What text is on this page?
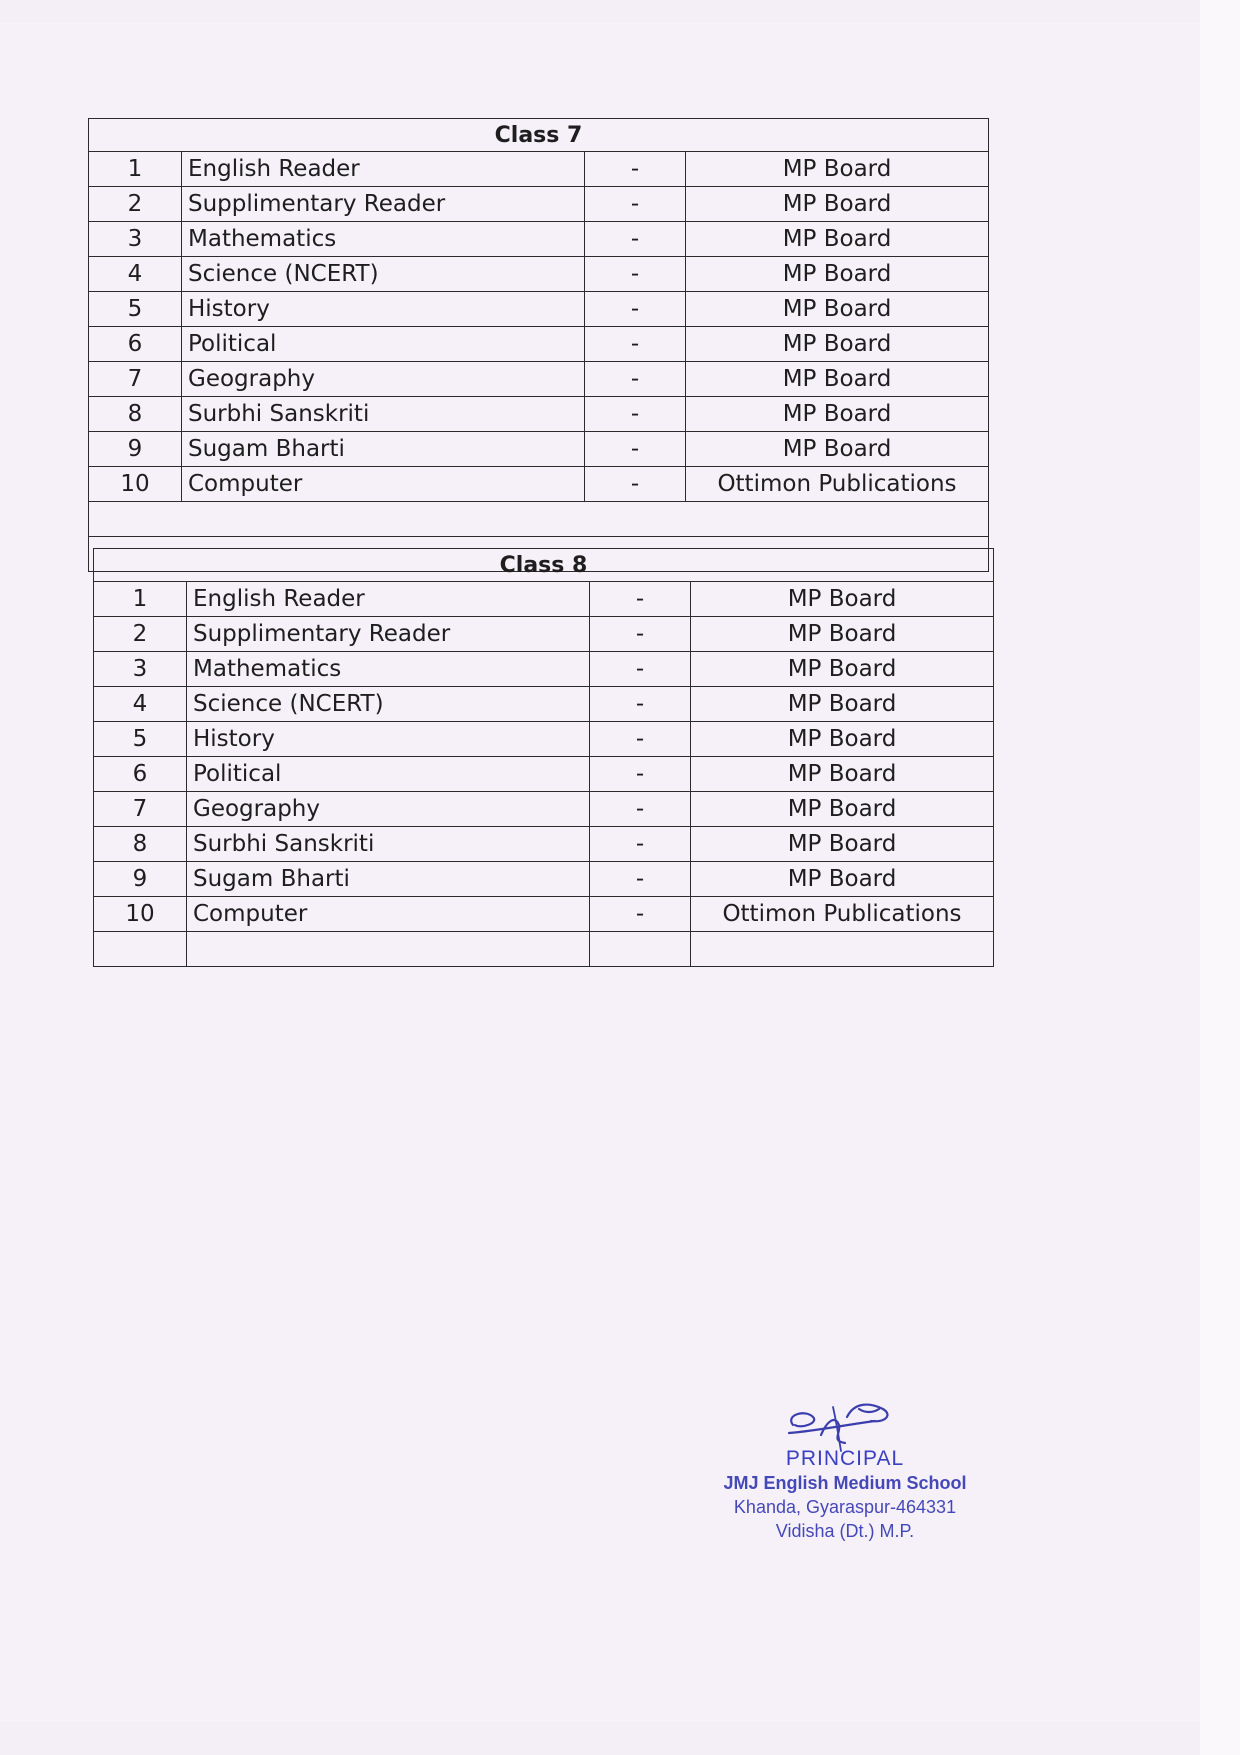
Class 7			
1	English Reader	-	MP Board
2	Supplimentary Reader	-	MP Board
3	Mathematics	-	MP Board
4	Science (NCERT)	-	MP Board
5	History	-	MP Board
6	Political	-	MP Board
7	Geography	-	MP Board
8	Surbhi Sanskriti	-	MP Board
9	Sugam Bharti	-	MP Board
10	Computer	-	Ottimon Publications

Class 8			
1	English Reader	-	MP Board
2	Supplimentary Reader	-	MP Board
3	Mathematics	-	MP Board
4	Science (NCERT)	-	MP Board
5	History	-	MP Board
6	Political	-	MP Board
7	Geography	-	MP Board
8	Surbhi Sanskriti	-	MP Board
9	Sugam Bharti	-	MP Board
10	Computer	-	Ottimon Publications

PRINCIPAL
JMJ English Medium School
Khanda, Gyaraspur-464331
Vidisha (Dt.) M.P.
